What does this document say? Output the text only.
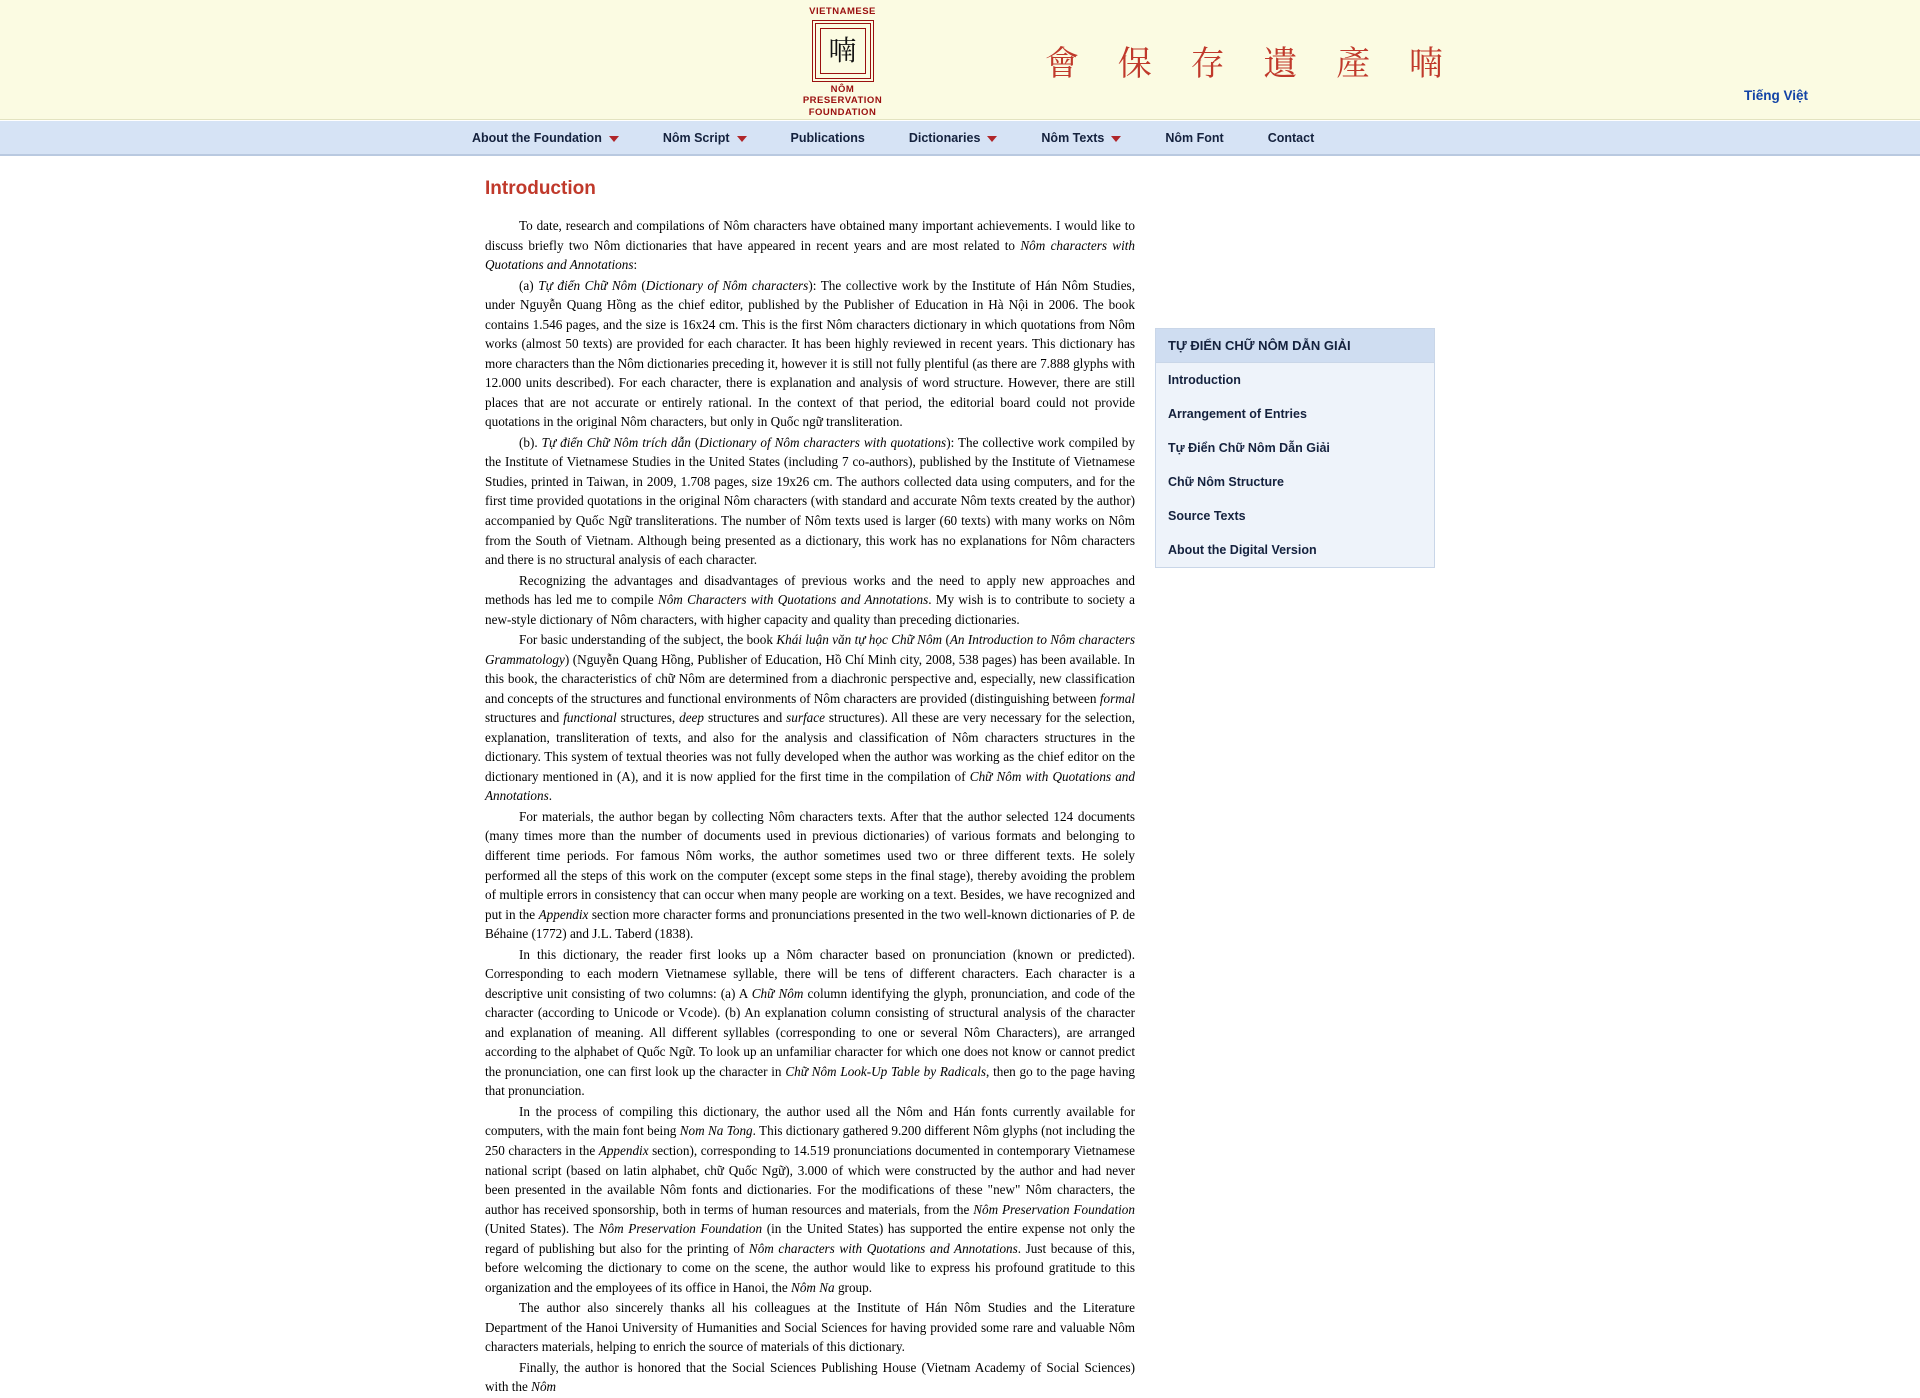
VIETNAMESE
喃
NÔM
PRESERVATION
FOUNDATION
會 保 存 遺 產 喃
Tiếng Việt
About the Foundation	Nôm Script	Publications	Dictionaries	Nôm Texts	Nôm Font	Contact
Introduction

To date, research and compilations of Nôm characters have obtained many important achievements. I would like to discuss briefly two Nôm dictionaries that have appeared in recent years and are most related to Nôm characters with Quotations and Annotations:

(a) Tự điển Chữ Nôm (Dictionary of Nôm characters): The collective work by the Institute of Hán Nôm Studies, under Nguyễn Quang Hồng as the chief editor, published by the Publisher of Education in Hà Nội in 2006. The book contains 1.546 pages, and the size is 16x24 cm. This is the first Nôm characters dictionary in which quotations from Nôm works (almost 50 texts) are provided for each character. It has been highly reviewed in recent years. This dictionary has more characters than the Nôm dictionaries preceding it, however it is still not fully plentiful (as there are 7.888 glyphs with 12.000 units described). For each character, there is explanation and analysis of word structure. However, there are still places that are not accurate or entirely rational. In the context of that period, the editorial board could not provide quotations in the original Nôm characters, but only in Quốc ngữ transliteration.

(b). Tự điển Chữ Nôm trích dẫn (Dictionary of Nôm characters with quotations): The collective work compiled by the Institute of Vietnamese Studies in the United States (including 7 co-authors), published by the Institute of Vietnamese Studies, printed in Taiwan, in 2009, 1.708 pages, size 19x26 cm. The authors collected data using computers, and for the first time provided quotations in the original Nôm characters (with standard and accurate Nôm texts created by the author) accompanied by Quốc Ngữ transliterations. The number of Nôm texts used is larger (60 texts) with many works on Nôm from the South of Vietnam. Although being presented as a dictionary, this work has no explanations for Nôm characters and there is no structural analysis of each character.

Recognizing the advantages and disadvantages of previous works and the need to apply new approaches and methods has led me to compile Nôm Characters with Quotations and Annotations. My wish is to contribute to society a new-style dictionary of Nôm characters, with higher capacity and quality than preceding dictionaries.

For basic understanding of the subject, the book Khái luận văn tự học Chữ Nôm (An Introduction to Nôm characters Grammatology) (Nguyễn Quang Hồng, Publisher of Education, Hồ Chí Minh city, 2008, 538 pages) has been available. In this book, the characteristics of chữ Nôm are determined from a diachronic perspective and, especially, new classification and concepts of the structures and functional environments of Nôm characters are provided (distinguishing between formal structures and functional structures, deep structures and surface structures). All these are very necessary for the selection, explanation, transliteration of texts, and also for the analysis and classification of Nôm characters structures in the dictionary. This system of textual theories was not fully developed when the author was working as the chief editor on the dictionary mentioned in (A), and it is now applied for the first time in the compilation of Chữ Nôm with Quotations and Annotations.

For materials, the author began by collecting Nôm characters texts. After that the author selected 124 documents (many times more than the number of documents used in previous dictionaries) of various formats and belonging to different time periods. For famous Nôm works, the author sometimes used two or three different texts. He solely performed all the steps of this work on the computer (except some steps in the final stage), thereby avoiding the problem of multiple errors in consistency that can occur when many people are working on a text. Besides, we have recognized and put in the Appendix section more character forms and pronunciations presented in the two well-known dictionaries of P. de Béhaine (1772) and J.L. Taberd (1838).

In this dictionary, the reader first looks up a Nôm character based on pronunciation (known or predicted). Corresponding to each modern Vietnamese syllable, there will be tens of different characters. Each character is a descriptive unit consisting of two columns: (a) A Chữ Nôm column identifying the glyph, pronunciation, and code of the character (according to Unicode or Vcode). (b) An explanation column consisting of structural analysis of the character and explanation of meaning. All different syllables (corresponding to one or several Nôm Characters), are arranged according to the alphabet of Quốc Ngữ. To look up an unfamiliar character for which one does not know or cannot predict the pronunciation, one can first look up the character in Chữ Nôm Look-Up Table by Radicals, then go to the page having that pronunciation.

In the process of compiling this dictionary, the author used all the Nôm and Hán fonts currently available for computers, with the main font being Nom Na Tong. This dictionary gathered 9.200 different Nôm glyphs (not including the 250 characters in the Appendix section), corresponding to 14.519 pronunciations documented in contemporary Vietnamese national script (based on latin alphabet, chữ Quốc Ngữ), 3.000 of which were constructed by the author and had never been presented in the available Nôm fonts and dictionaries. For the modifications of these "new" Nôm characters, the author has received sponsorship, both in terms of human resources and materials, from the Nôm Preservation Foundation (United States). The Nôm Preservation Foundation (in the United States) has supported the entire expense not only the regard of publishing but also for the printing of Nôm characters with Quotations and Annotations. Just because of this, before welcoming the dictionary to come on the scene, the author would like to express his profound gratitude to this organization and the employees of its office in Hanoi, the Nôm Na group.

The author also sincerely thanks all his colleagues at the Institute of Hán Nôm Studies and the Literature Department of the Hanoi University of Humanities and Social Sciences for having provided some rare and valuable Nôm characters materials, helping to enrich the source of materials of this dictionary.

Finally, the author is honored that the Social Sciences Publishing House (Vietnam Academy of Social Sciences) with the Nôm

TỰ ĐIỂN CHỮ NÔM DẪN GIẢI
Introduction
Arrangement of Entries
Tự Điển Chữ Nôm Dẫn Giải
Chữ Nôm Structure
Source Texts
About the Digital Version
